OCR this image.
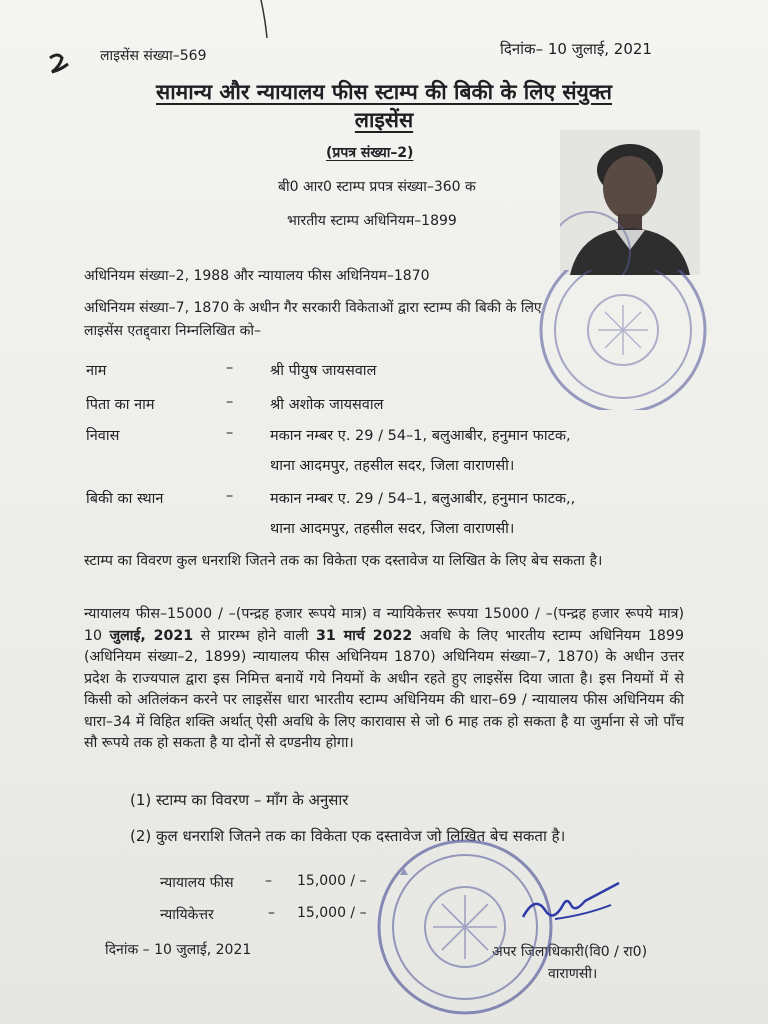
लाइसेंस संख्या–569	दिनांक– 10 जुलाई, 2021
सामान्य और न्यायालय फीस स्टाम्प की बिकी के लिए संयुक्त
लाइसेंस
(प्रपत्र संख्या–2)
बी0 आर0 स्टाम्प प्रपत्र संख्या–360 क
भारतीय स्टाम्प अधिनियम–1899
अधिनियम संख्या–2, 1988 और न्यायालय फीस अधिनियम–1870
अधिनियम संख्या–7, 1870 के अधीन गैर सरकारी विकेताओं द्वारा स्टाम्प की बिकी के लिए
लाइसेंस एतद्द्वारा निम्नलिखित को–
नाम	–	श्री पीयुष जायसवाल
पिता का नाम	–	श्री अशोक जायसवाल
निवास	–	मकान नम्बर ए. 29 / 54–1, बलुआबीर, हनुमान फाटक,
थाना आदमपुर, तहसील सदर, जिला वाराणसी।
बिकी का स्थान	–	मकान नम्बर ए. 29 / 54–1, बलुआबीर, हनुमान फाटक,,
थाना आदमपुर, तहसील सदर, जिला वाराणसी।
स्टाम्प का विवरण कुल धनराशि जितने तक का विकेता एक दस्तावेज या लिखित के लिए बेच सकता है।
न्यायालय फीस–15000 / –(पन्द्रह हजार रूपये मात्र) व न्यायिकेत्तर रूपया 15000 / –(पन्द्रह हजार रूपये मात्र) 10 जुलाई, 2021 से प्रारम्भ होने वाली 31 मार्च 2022 अवधि के लिए भारतीय स्टाम्प अधिनियम 1899 (अधिनियम संख्या–2, 1899) न्यायालय फीस अधिनियम 1870) अधिनियम संख्या–7, 1870) के अधीन उत्तर प्रदेश के राज्यपाल द्वारा इस निमित्त बनायें गये नियमों के अधीन रहते हुए लाइसेंस दिया जाता है। इस नियमों में से किसी को अतिलंकन करने पर लाइसेंस धारा भारतीय स्टाम्प अधिनियम की धारा–69 / न्यायालय फीस अधिनियम की धारा–34 में विहित शक्ति अर्थात् ऐसी अवधि के लिए कारावास से जो 6 माह तक हो सकता है या जुर्माना से जो पाँच सौ रूपये तक हो सकता है या दोनों से दण्डनीय होगा।
(1) स्टाम्प का विवरण – माँग के अनुसार
(2) कुल धनराशि जितने तक का विकेता एक दस्तावेज जो लिखित बेच सकता है।
न्यायालय फीस – 15,000 / –
न्यायिकेत्तर	– 15,000 / –
दिनांक – 10 जुलाई, 2021	अपर जिलाधिकारी(वि0 / रा0)
वाराणसी।
